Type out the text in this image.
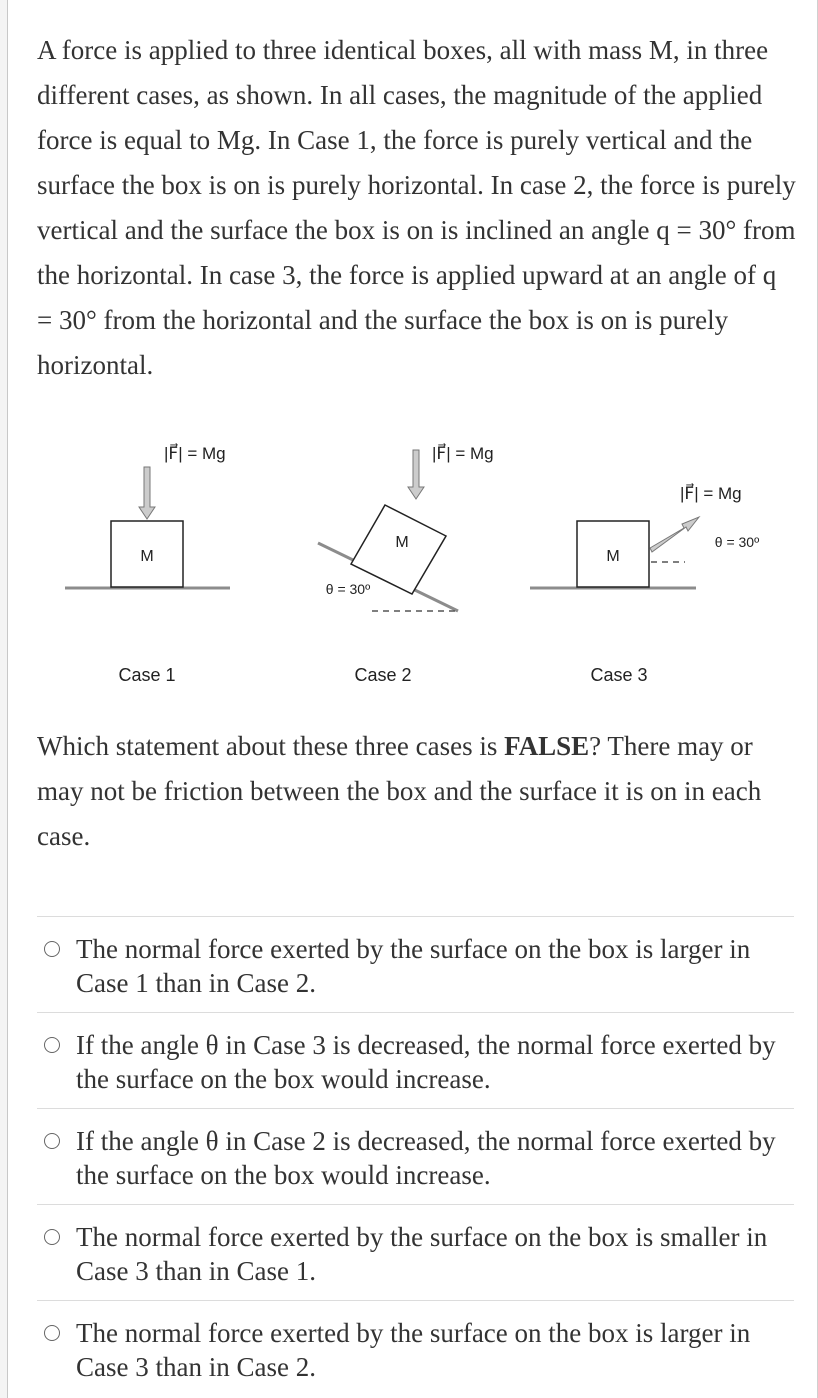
A force is applied to three identical boxes, all with mass M, in three different cases, as shown. In all cases, the magnitude of the applied force is equal to Mg. In Case 1, the force is purely vertical and the surface the box is on is purely horizontal. In case 2, the force is purely vertical and the surface the box is on is inclined an angle q = 30° from the horizontal. In case 3, the force is applied upward at an angle of q = 30° from the horizontal and the surface the box is on is purely horizontal.

M
|F⃗| = Mg
Case 1
M
|F⃗| = Mg
θ = 30º
Case 2
M
|F⃗| = Mg
θ = 30º
Case 3
Which statement about these three cases is FALSE? There may or may not be friction between the box and the surface it is on in each case.
The normal force exerted by the surface on the box is larger in Case 1 than in Case 2.
If the angle θ in Case 3 is decreased, the normal force exerted by the surface on the box would increase.
If the angle θ in Case 2 is decreased, the normal force exerted by the surface on the box would increase.
The normal force exerted by the surface on the box is smaller in Case 3 than in Case 1.
The normal force exerted by the surface on the box is larger in Case 3 than in Case 2.
